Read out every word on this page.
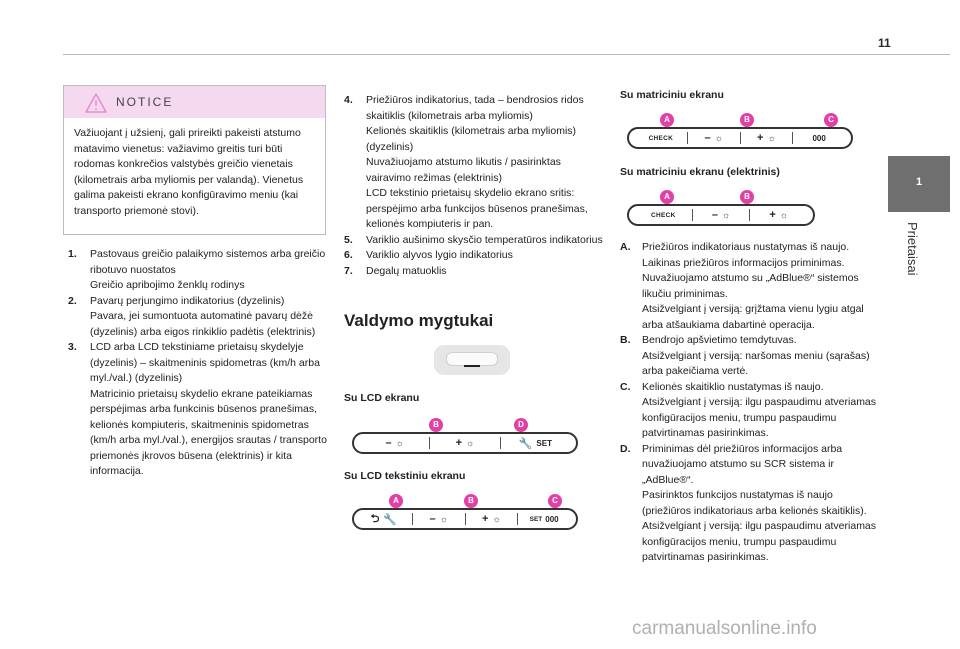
11
1
Prietaisai
NOTICE
Važiuojant į užsienį, gali prireikti pakeisti atstumo matavimo vienetus: važiavimo greitis turi būti rodomas konkrečios valstybės greičio vienetais (kilometrais arba myliomis per valandą). Vienetus galima pakeisti ekrano konfigūravimo meniu (kai transporto priemonė stovi).
1. Pastovaus greičio palaikymo sistemos arba greičio ribotuvo nuostatos
Greičio apribojimo ženklų rodinys
2. Pavarų perjungimo indikatorius (dyzelinis)
Pavara, jei sumontuota automatinė pavarų dėžė (dyzelinis) arba eigos rinkiklio padėtis (elektrinis)
3. LCD arba LCD tekstiniame prietaisų skydelyje (dyzelinis) – skaitmeninis spidometras (km/h arba myl./val.) (dyzelinis)
Matricinio prietaisų skydelio ekrane pateikiamas perspėjimas arba funkcinis būsenos pranešimas, kelionės kompiuteris, skaitmeninis spidometras (km/h arba myl./val.), energijos srautas / transporto priemonės įkrovos būsena (elektrinis) ir kita informacija.
4. Priežiūros indikatorius, tada – bendrosios ridos skaitiklis (kilometrais arba myliomis)
Kelionės skaitiklis (kilometrais arba myliomis) (dyzelinis)
Nuvažiuojamo atstumo likutis / pasirinktas vairavimo režimas (elektrinis)
LCD tekstinio prietaisų skydelio ekrano sritis: perspėjimo arba funkcijos būsenos pranešimas, kelionės kompiuteris ir pan.
5. Variklio aušinimo skysčio temperatūros indikatorius
6. Variklio alyvos lygio indikatorius
7. Degalų matuoklis
Valdymo mygtukai
Su LCD ekranu
B	D
– ☼	+ ☼	🔧 SET
Su LCD tekstiniu ekranu
A	B	C
⮌ 🔧	– ☼	+ ☼	SET 000
Su matriciniu ekranu
A	B	C
CHECK	– ☼	+ ☼	000
Su matriciniu ekranu (elektrinis)
A	B
CHECK	– ☼	+ ☼
A. Priežiūros indikatoriaus nustatymas iš naujo.
Laikinas priežiūros informacijos priminimas.
Nuvažiuojamo atstumo su „AdBlue®“ sistemos likučiu priminimas.
Atsižvelgiant į versiją: grįžtama vienu lygiu atgal arba atšaukiama dabartinė operacija.
B. Bendrojo apšvietimo temdytuvas.
Atsižvelgiant į versiją: naršomas meniu (sąrašas) arba pakeičiama vertė.
C. Kelionės skaitiklio nustatymas iš naujo.
Atsižvelgiant į versiją: ilgu paspaudimu atveriamas konfigūracijos meniu, trumpu paspaudimu patvirtinamas pasirinkimas.
D. Priminimas dėl priežiūros informacijos arba nuvažiuojamo atstumo su SCR sistema ir „AdBlue®“.
Pasirinktos funkcijos nustatymas iš naujo (priežiūros indikatoriaus arba kelionės skaitiklis).
Atsižvelgiant į versiją: ilgu paspaudimu atveriamas konfigūracijos meniu, trumpu paspaudimu patvirtinamas pasirinkimas.
carmanualsonline.info
